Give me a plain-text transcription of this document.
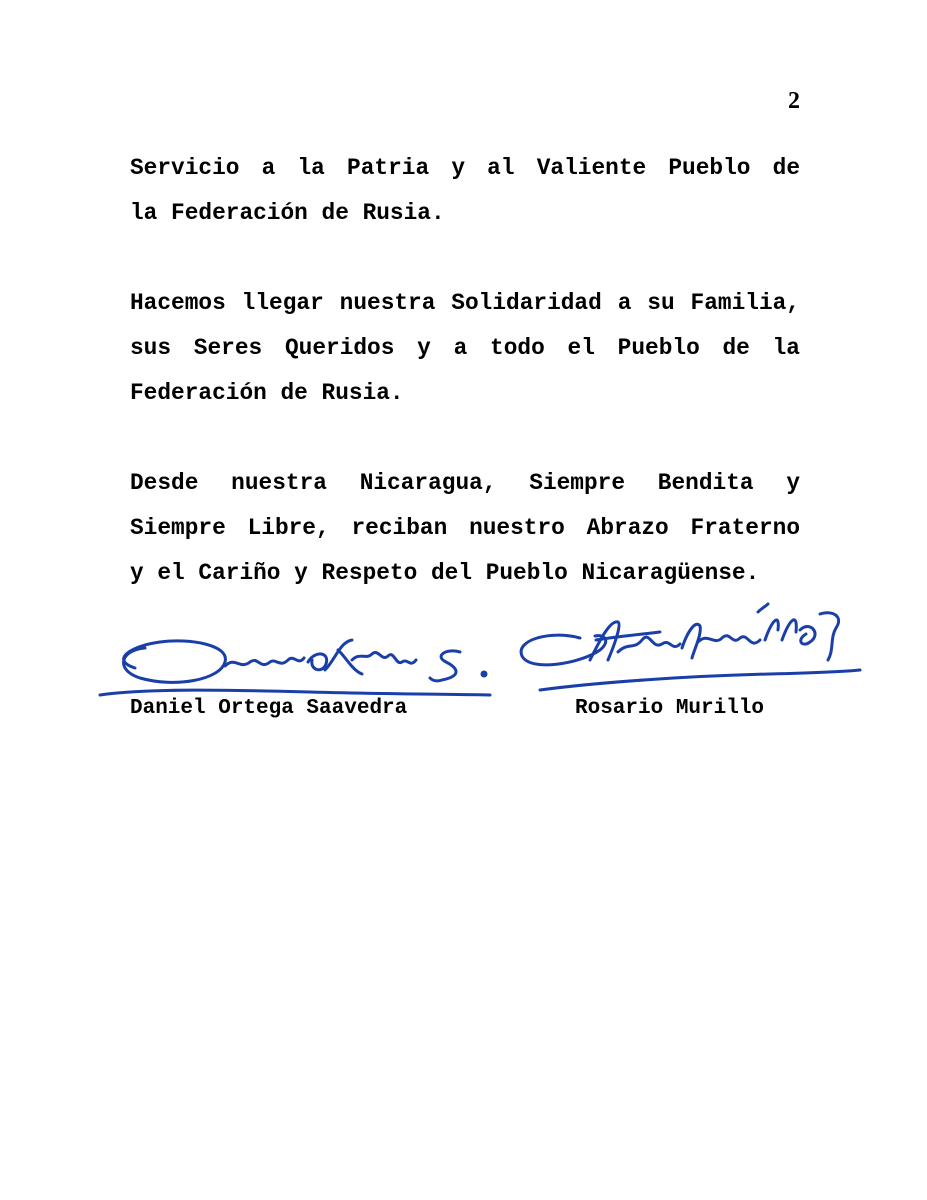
2
Servicio a la Patria y al Valiente Pueblo de
la Federación de Rusia.
Hacemos llegar nuestra Solidaridad a su Familia,
sus Seres Queridos y a todo el Pueblo de la
Federación de Rusia.
Desde nuestra Nicaragua, Siempre Bendita y
Siempre Libre, reciban nuestro Abrazo Fraterno
y el Cariño y Respeto del Pueblo Nicaragüense.
Daniel Ortega Saavedra	Rosario Murillo
